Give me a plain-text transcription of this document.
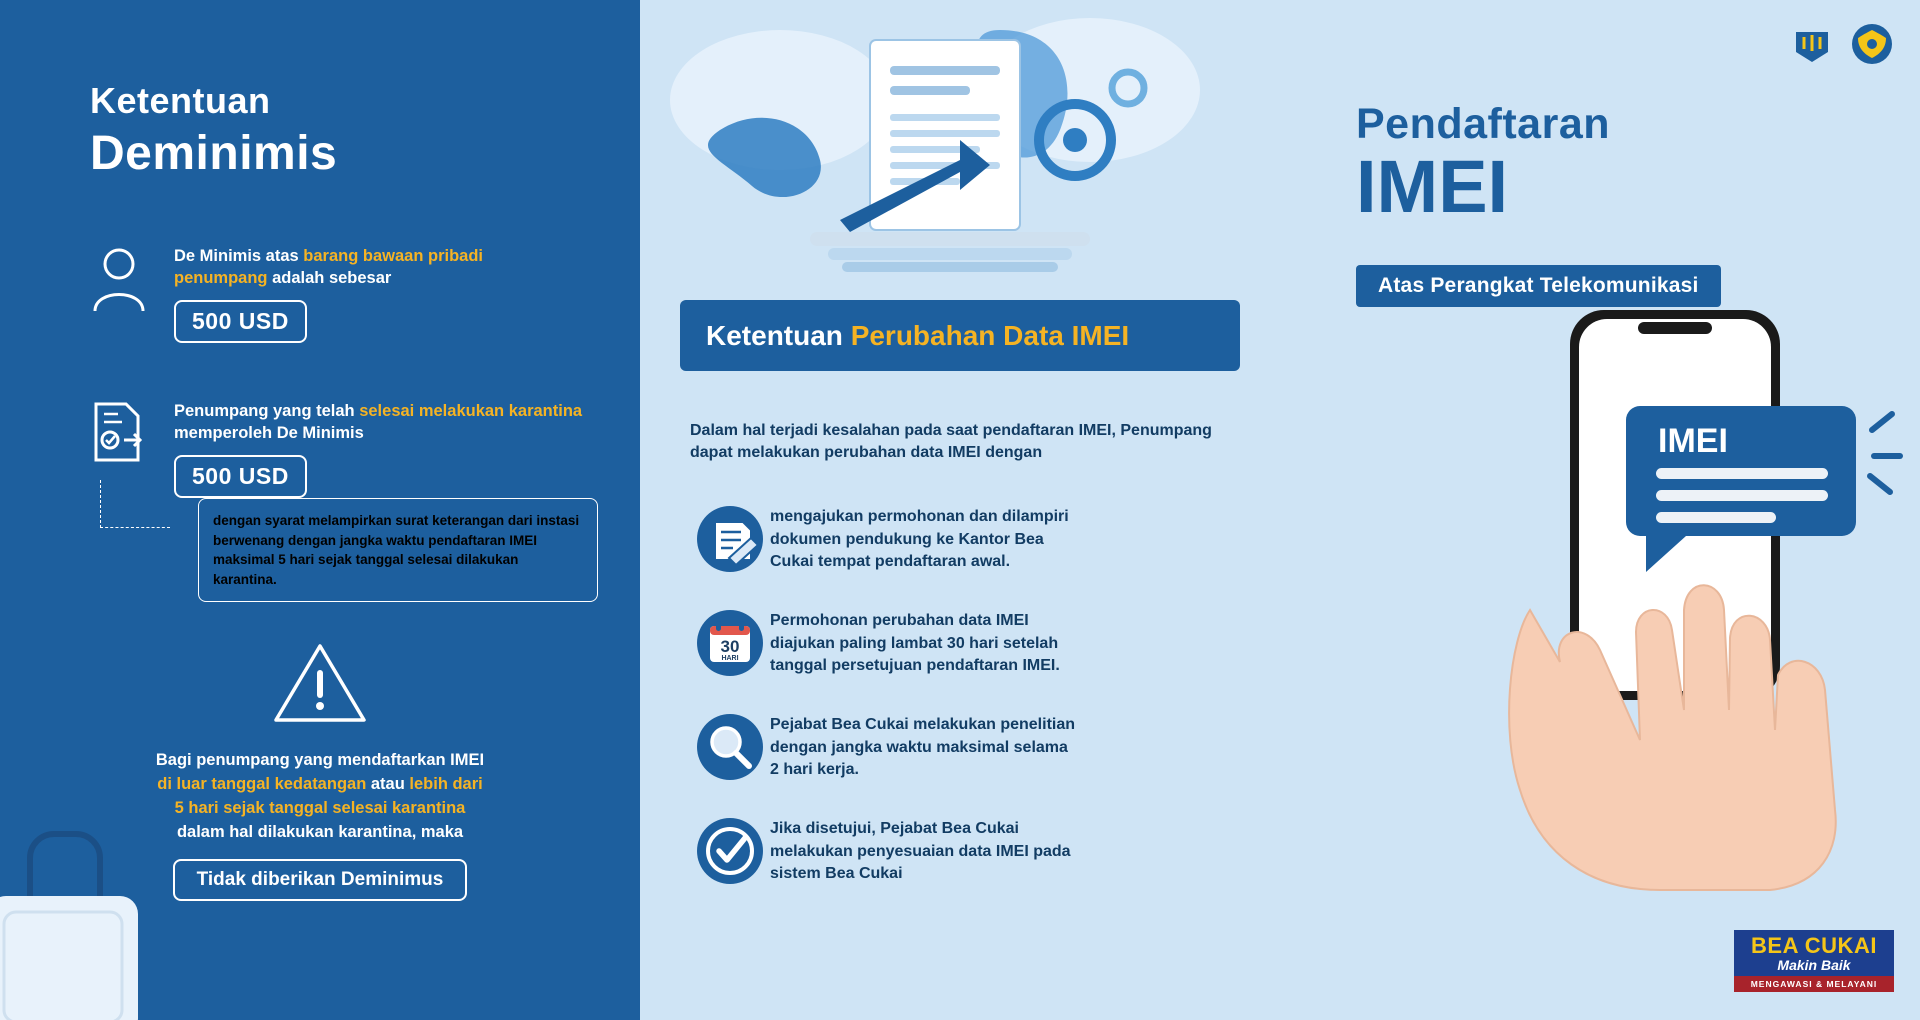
Ketentuan
Deminimis
De Minimis atas barang bawaan pribadi penumpang adalah sebesar
500 USD
Penumpang yang telah selesai melakukan karantina memperoleh De Minimis
500 USD
dengan syarat melampirkan surat keterangan dari instasi berwenang dengan jangka waktu pendaftaran IMEI maksimal 5 hari sejak tanggal selesai dilakukan karantina.
Bagi penumpang yang mendaftarkan IMEI di luar tanggal kedatangan atau lebih dari 5 hari sejak tanggal selesai karantina dalam hal dilakukan karantina, maka
Tidak diberikan Deminimus
Ketentuan Perubahan Data IMEI
Dalam hal terjadi kesalahan pada saat pendaftaran IMEI, Penumpang dapat melakukan perubahan data IMEI dengan
mengajukan permohonan dan dilampiri dokumen pendukung ke Kantor Bea Cukai tempat pendaftaran awal.
30
HARI
Permohonan perubahan data IMEI diajukan paling lambat 30 hari setelah tanggal persetujuan pendaftaran IMEI.
Pejabat Bea Cukai melakukan penelitian dengan jangka waktu maksimal selama 2 hari kerja.
Jika disetujui, Pejabat Bea Cukai melakukan penyesuaian data IMEI pada sistem Bea Cukai
Pendaftaran
IMEI
Atas Perangkat Telekomunikasi
IMEI
BEA CUKAI
Makin Baik
MENGAWASI & MELAYANI
